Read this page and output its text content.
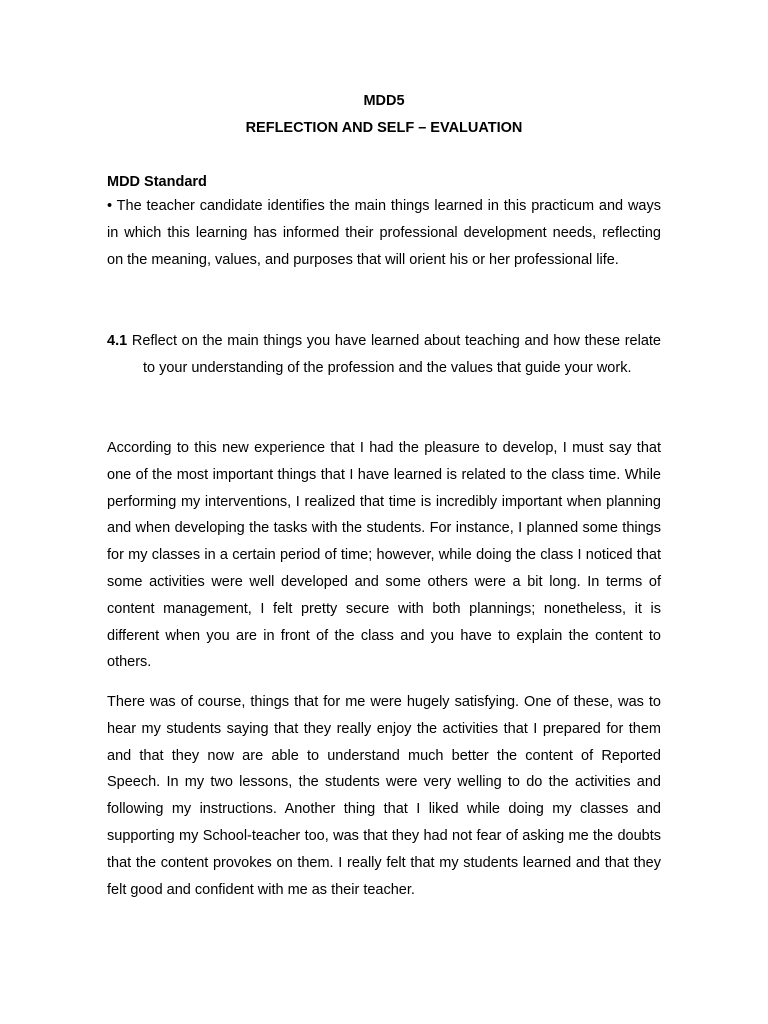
MDD5
REFLECTION AND SELF – EVALUATION
MDD Standard

• The teacher candidate identifies the main things learned in this practicum and ways in which this learning has informed their professional development needs, reflecting on the meaning, values, and purposes that will orient his or her professional life.

4.1 Reflect on the main things you have learned about teaching and how these relate to your understanding of the profession and the values that guide your work.

According to this new experience that I had the pleasure to develop, I must say that one of the most important things that I have learned is related to the class time. While performing my interventions, I realized that time is incredibly important when planning and when developing the tasks with the students. For instance, I planned some things for my classes in a certain period of time; however, while doing the class I noticed that some activities were well developed and some others were a bit long. In terms of content management, I felt pretty secure with both plannings; nonetheless, it is different when you are in front of the class and you have to explain the content to others.

There was of course, things that for me were hugely satisfying. One of these, was to hear my students saying that they really enjoy the activities that I prepared for them and that they now are able to understand much better the content of Reported Speech. In my two lessons, the students were very welling to do the activities and following my instructions. Another thing that I liked while doing my classes and supporting my School-teacher too, was that they had not fear of asking me the doubts that the content provokes on them. I really felt that my students learned and that they felt good and confident with me as their teacher.
